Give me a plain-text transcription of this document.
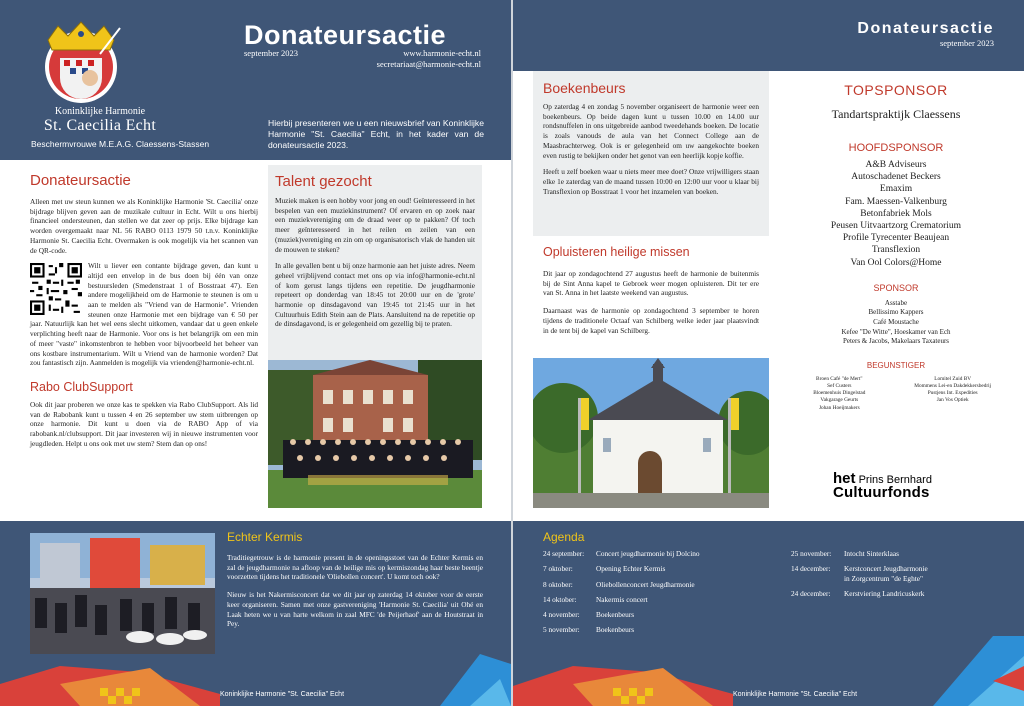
Koninklijke Harmonie
St. Caecilia Echt
Beschermvrouwe M.E.A.G. Claessens-Stassen
Donateursactie
september 2023	www.harmonie-echt.nl
secretariaat@harmonie-echt.nl
Hierbij presenteren we u een nieuwsbrief van Koninklijke Harmonie "St. Caecilia" Echt, in het kader van de donateursactie 2023.
Donateursactie

Alleen met uw steun kunnen we als Koninklijke Harmonie 'St. Caecilia' onze bijdrage blijven geven aan de muzikale cultuur in Echt. Wilt u ons hierbij financieel ondersteunen, dan stellen we dat zeer op prijs. Elke bijdrage kan worden overgemaakt naar NL 56 RABO 0113 1979 50 t.n.v. Koninklijke Harmonie St. Caecilia Echt. Overmaken is ook mogelijk via het scannen van de QR-code.

Wilt u liever een contante bijdrage geven, dan kunt u altijd een envelop in de bus doen bij één van onze bestuursleden (Smedenstraat 1 of Bosstraat 47). Een andere mogelijkheid om de Harmonie te steunen is om u aan te melden als "Vriend van de Harmonie". Vrienden steunen onze Harmonie met een bijdrage van € 50 per jaar. Natuurlijk kan het wel eens slecht uitkomen, vandaar dat u geen enkele verplichting heeft naar de Harmonie. Voor ons is het belangrijk om een min of meer "vaste" inkomstenbron te hebben voor bijvoorbeeld het beheer van ons kostbare instrumentarium. Wilt u Vriend van de harmonie worden? Dat zou fantastisch zijn. Aanmelden is mogelijk via vrienden@harmonie-echt.nl.
Rabo ClubSupport

Ook dit jaar proberen we onze kas te spekken via Rabo ClubSupport. Als lid van de Rabobank kunt u tussen 4 en 26 september uw stem uitbrengen op onze harmonie. Dit kunt u doen via de RABO App of via rabobank.nl/clubsupport. Dit jaar investeren wij in nieuwe instrumenten voor jeugdleden. Helpt u ons ook met uw stem? Stem dan op ons!

Talent gezocht

Muziek maken is een hobby voor jong en oud! Geïnteresseerd in het bespelen van een muziekinstrument? Of ervaren en op zoek naar een muziekvereniging om de draad weer op te pakken? Of toch meer geïnteresseerd in het reilen en zeilen van een (muziek)vereniging en zin om op organisatorisch vlak de handen uit de mouwen te steken?

In alle gevallen bent u bij onze harmonie aan het juiste adres. Neem geheel vrijblijvend contact met ons op via info@harmonie-echt.nl of kom gerust langs tijdens een repetitie. De jeugdharmonie repeteert op donderdag van 18:45 tot 20:00 uur en de 'grote' harmonie op dinsdagavond van 19:45 tot 21:45 uur in het Cultuurhuis Edith Stein aan de Plats. Aansluitend na de repetitie op de dinsdagavond, is er gelegenheid om gezellig bij te praten.

Echter Kermis

Traditiegetrouw is de harmonie present in de openingsstoet van de Echter Kermis en zal de jeugdharmonie na afloop van de heilige mis op kermiszondag haar beste beentje voorzetten tijdens het traditionele 'Oliebollen concert'. U komt toch ook?

Nieuw is het Nakermisconcert dat we dit jaar op zaterdag 14 oktober voor de eerste keer organiseren. Samen met onze gastvereniging 'Harmonie St. Caecilia' uit Ohé en Laak heten we u van harte welkom in zaal MFC 'de Peijerhaof' aan de Houtstraat in Pey.

Koninklijke Harmonie "St. Caecilia" Echt
Donateursactie
september 2023
Boekenbeurs

Op zaterdag 4 en zondag 5 november organiseert de harmonie weer een boekenbeurs. Op beide dagen kunt u tussen 10.00 en 14.00 uur rondsnuffelen in ons uitgebreide aanbod tweedehands boeken. De locatie is zoals vanouds de aula van het Connect College aan de Maasbrachterweg. Ook is er gelegenheid om uw aangekochte boeken even rustig te bekijken onder het genot van een heerlijk kopje koffie.

Heeft u zelf boeken waar u niets meer mee doet? Onze vrijwilligers staan elke 1e zaterdag van de maand tussen 10:00 en 12:00 uur voor u klaar bij Transflexion op Bosstraat 1 voor het inzamelen van boeken.

Opluisteren heilige missen

Dit jaar op zondagochtend 27 augustus heeft de harmonie de buitenmis bij de Sint Anna kapel te Gebroek weer mogen opluisteren. Dit ter ere van St. Anna in het laatste weekend van augustus.

Daarnaast was de harmonie op zondagochtend 3 september te horen tijdens de traditionele Octaaf van Schilberg welke ieder jaar plaatsvindt in de tent bij de kapel van Schilberg.

TOPSPONSOR
Tandartspraktijk Claessens
HOOFDSPONSOR
A&B Adviseurs
Autoschadenet Beckers
Emaxim
Fam. Maessen-Valkenburg
Betonfabriek Mols
Peusen Uitvaartzorg Crematorium
Profile Tyrecenter Beaujean
Transflexion
Van Ool Colors@Home
SPONSOR
Asstabe
Bellissimo Kappers
Café Moustache
Kefee "De Witte", Hoeskamer van Ech
Peters & Jacobs, Makelaars Taxateurs
BEGUNSTIGER
Broen Café "de Mert"
Sef Custers
Bloemenhuis Dingelstad
Vakgarage Geurts
Johan Hoeijmakers
Lomitel Zuid BV
Mommens Lei-en Dakdekkersbedrij
Pustjens Int. Expedities
Jan Vos Optiek
het Prins Bernhard
Cultuurfonds
Agenda
24 september:	Concert jeugdharmonie bij Dolcino
7 oktober:	Opening Echter Kermis
8 oktober:	Oliebollenconcert Jeugdharmonie
14 oktober:	Nakermis concert
4 november:	Boekenbeurs
5 november:	Boekenbeurs
25 november:	Intocht Sinterklaas
14 december:	Kerstconcert Jeugdharmonie
in Zorgcentrum "de Eghte"
24 december:	Kerstviering Landricuskerk
Koninklijke Harmonie "St. Caecilia" Echt
